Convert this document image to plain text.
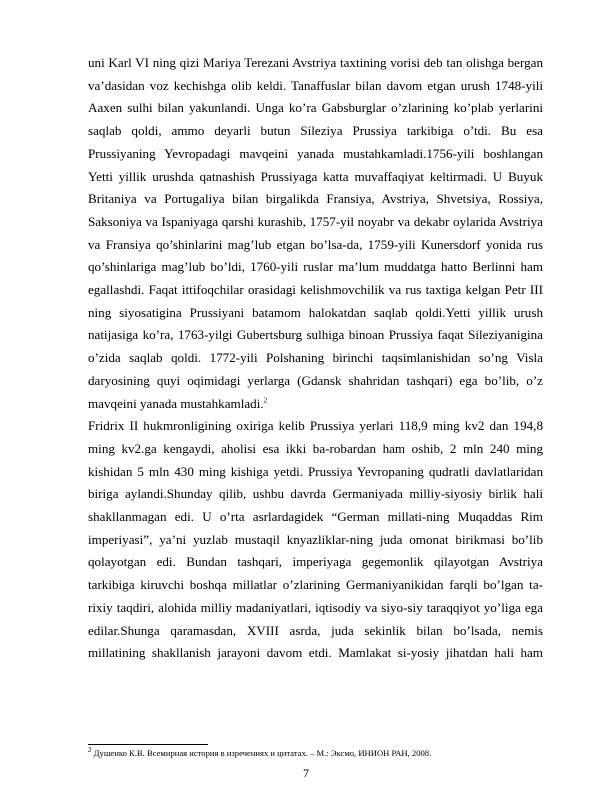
uni Karl VI ning qizi Mariya Terezani Avstriya taxtining vorisi deb tan olishga bergan
va’dasidan voz kechishga olib keldi. Tanaffuslar bilan davom etgan urush 1748-yili
Aaxen sulhi bilan yakunlandi. Unga ko’ra Gabsburglar o’zlarining ko’plab yerlarini
saqlab qoldi, ammo deyarli butun Sileziya Prussiya tarkibiga o’tdi. Bu esa
Prussiyaning Yevropadagi mavqeini yanada mustahkamladi.1756-yili boshlangan
Yetti yillik urushda qatnashish Prussiyaga katta muvaffaqiyat keltirmadi. U Buyuk
Britaniya va Portugaliya bilan birgalikda Fransiya, Avstriya, Shvetsiya, Rossiya,
Saksoniya va Ispaniyaga qarshi kurashib, 1757-yil noyabr va dekabr oylarida Avstriya
va Fransiya qo’shinlarini mag’lub etgan bo’lsa-da, 1759-yili Kunersdorf yonida rus
qo’shinlariga mag’lub bo’ldi, 1760-yili ruslar ma’lum muddatga hatto Berlinni ham
egallashdi. Faqat ittifoqchilar orasidagi kelishmovchilik va rus taxtiga kelgan Petr III
ning siyosatigina Prussiyani batamom halokatdan saqlab qoldi.Yetti yillik urush
natijasiga ko’ra, 1763-yilgi Gubertsburg sulhiga binoan Prussiya faqat Sileziyanigina
o’zida saqlab qoldi. 1772-yili Polshaning birinchi taqsimlanishidan so’ng Visla
daryosining quyi oqimidagi yerlarga (Gdansk shahridan tashqari) ega bo’lib, o’z
mavqeini yanada mustahkamladi.$^2$
Fridrix II hukmronligining oxiriga kelib Prussiya yerlari 118,9 ming kv2 dan 194,8
ming kv2.ga kengaydi, aholisi esa ikki ba-robardan ham oshib, 2 mln 240 ming
kishidan 5 mln 430 ming kishiga yetdi. Prussiya Yevropaning qudratli davlatlaridan
biriga aylandi.Shunday qilib, ushbu davrda Germaniyada milliy-siyosiy birlik hali
shakllanmagan edi. U o’rta asrlardagidek “German millati-ning Muqaddas Rim
imperiyasi”, ya’ni yuzlab mustaqil knyazliklar-ning juda omonat birikmasi bo’lib
qolayotgan edi. Bundan tashqari, imperiyaga gegemonlik qilayotgan Avstriya
tarkibiga kiruvchi boshqa millatlar o’zlarining Germaniyanikidan farqli bo’lgan ta-
rixiy taqdiri, alohida milliy madaniyatlari, iqtisodiy va siyo-siy taraqqiyot yo’liga ega
edilar.Shunga qaramasdan, XVIII asrda, juda sekinlik bilan bo’lsada, nemis
millatining shakllanish jarayoni davom etdi. Mamlakat si-yosiy jihatdan hali ham
$^2$ Душенко К.В. Всемирная история в изречениях и цитатах. – М.: Эксмо, ИНИОН РАН, 2008.
7
